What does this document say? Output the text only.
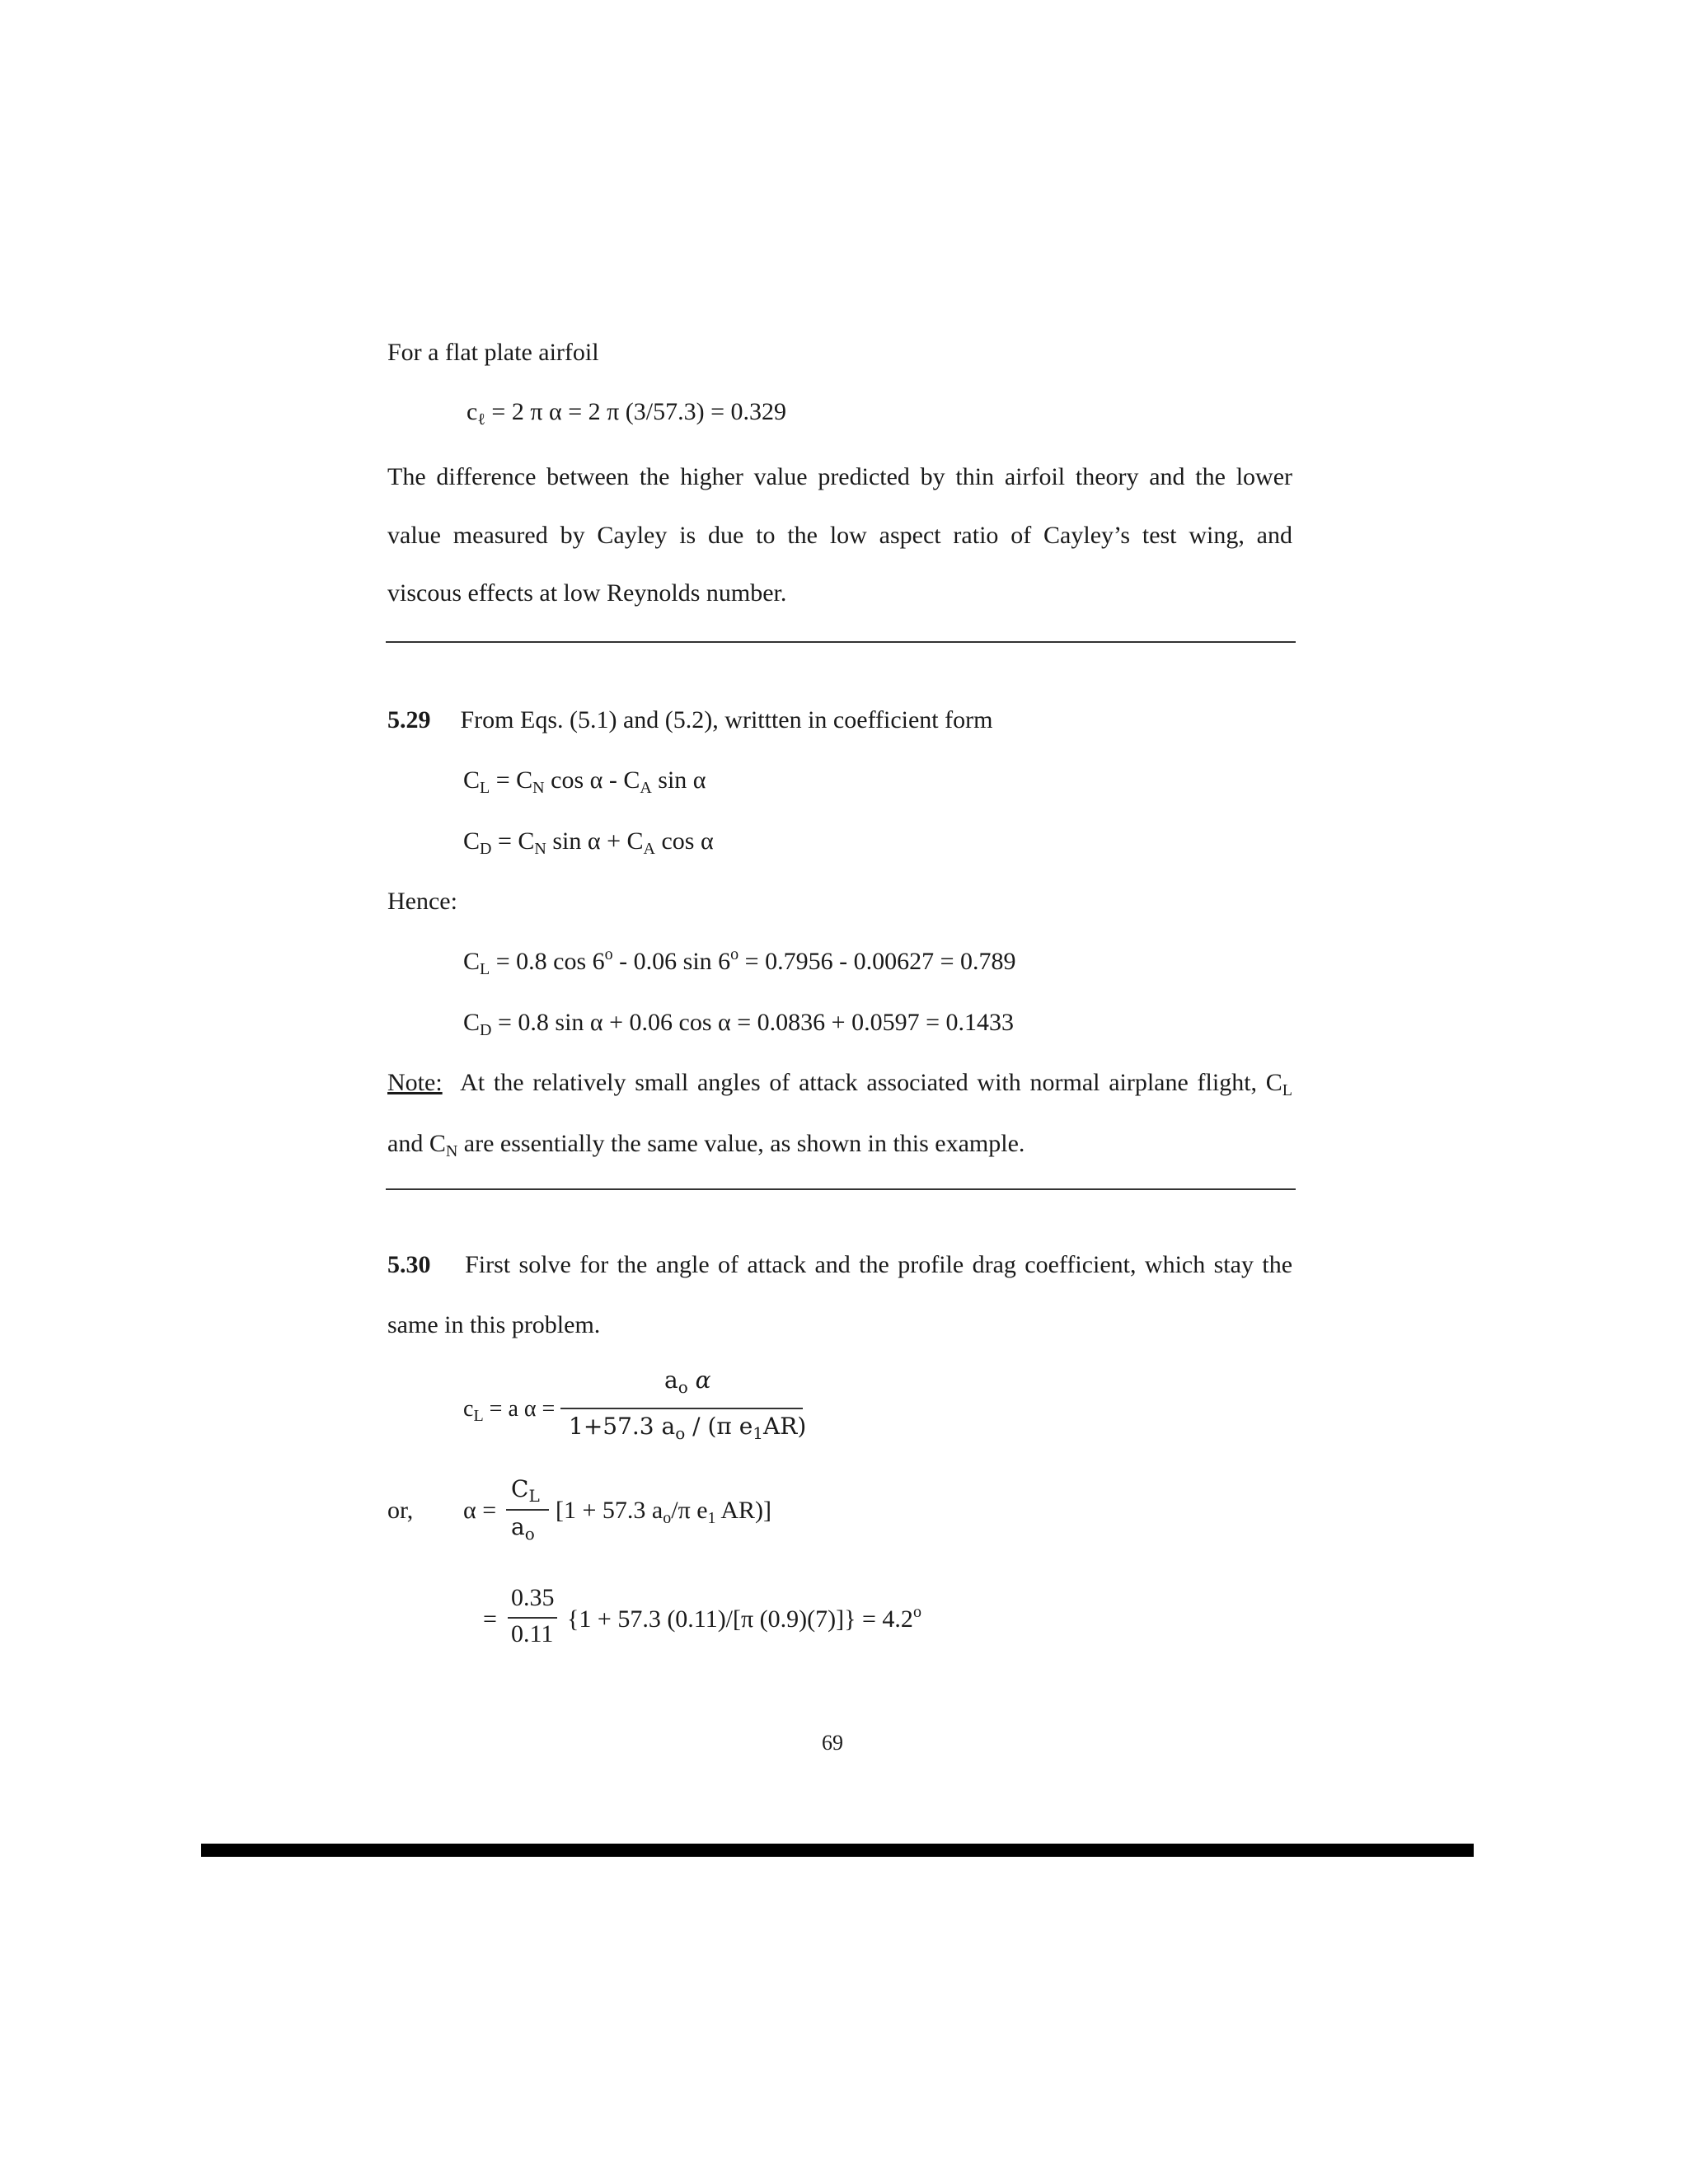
For a flat plate airfoil
$c_\ell = 2$ π α = 2 π (3/57.3) = 0.329
The difference between the higher value predicted by thin airfoil theory and the lower
value measured by Cayley is due to the low aspect ratio of Cayley’s test wing, and
viscous effects at low Reynolds number.
5.29 From Eqs. (5.1) and (5.2), writtten in coefficient form
$C_L = C_N$ cos α - $C_A$ sin α
$C_D = C_N$ $\sin \alpha + C_A$ cos α
Hence:
$C_L = 0.8$ cos 6$^o$ - 0.06 $\sin 6^o = 0.7956 - 0.00627 = 0.789$
$C_D = 0.8$ sin α + 0.06 cos α = 0.0836 + 0.0597 = 0.1433
Note: At the relatively small angles of attack associated with normal airplane flight, $C_L$
and $C_N$ are essentially the same value, as shown in this example.
5.30 First solve for the angle of attack and the profile drag coefficient, which stay the
same in this problem.
$c_L = a$ α =
$a_o$ α
1+57.3 $a_o / (\pi$ $e_1AR$)
or, α =
$C_L$
$a_o$
[1 + 57.3 $a_o/\pi$ $e_1$ AR)]
=
0.35
0.11
{1 + 57.3 (0.11)/[π $(0.9)(7)]\} = 4.2^o$
69
